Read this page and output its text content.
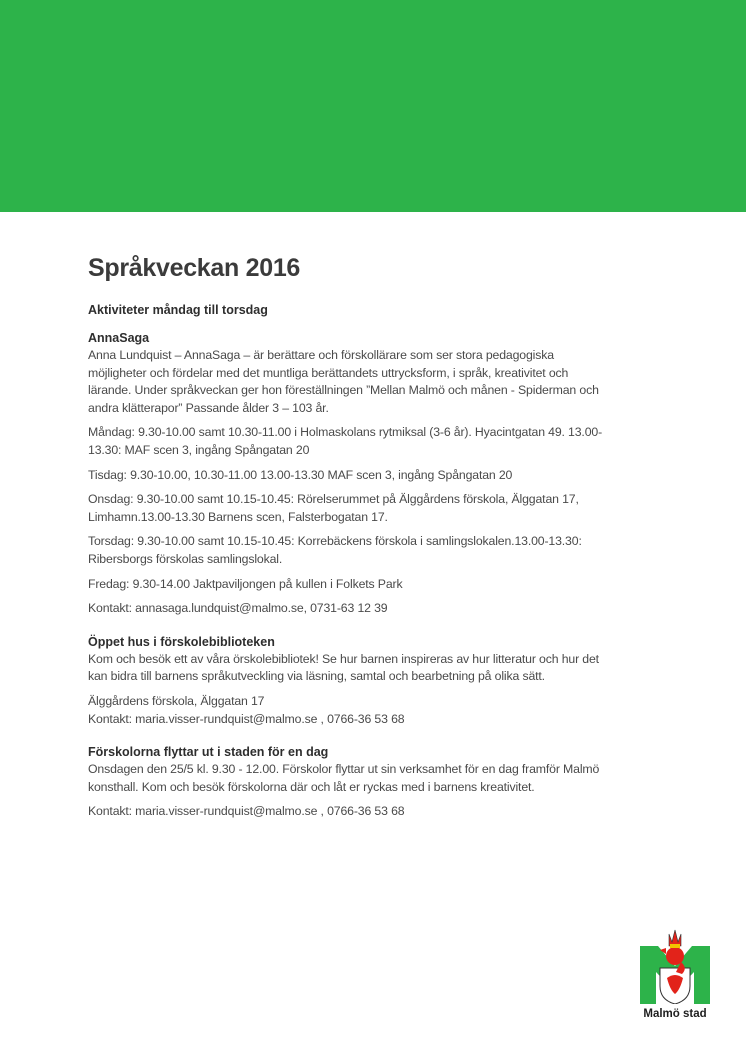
Språkveckan 2016
Aktiviteter måndag till torsdag
AnnaSaga

Anna Lundquist – AnnaSaga – är berättare och förskollärare som ser stora pedagogiska möjligheter och fördelar med det muntliga berättandets uttrycksform, i språk, kreativitet och lärande. Under språkveckan ger hon föreställningen ”Mellan Malmö och månen - Spiderman och andra klätterapor” Passande ålder 3 – 103 år.

Måndag: 9.30-10.00 samt 10.30-11.00 i Holmaskolans rytmiksal (3-6 år). Hyacintgatan 49. 13.00-13.30: MAF scen 3, ingång Spångatan 20

Tisdag: 9.30-10.00, 10.30-11.00 13.00-13.30 MAF scen 3, ingång Spångatan 20

Onsdag: 9.30-10.00 samt 10.15-10.45: Rörelserummet på Älggårdens förskola, Älggatan 17, Limhamn.13.00-13.30 Barnens scen, Falsterbogatan 17.

Torsdag: 9.30-10.00 samt 10.15-10.45: Korrebäckens förskola i samlingslokalen.13.00-13.30: Ribersborgs förskolas samlingslokal.

Fredag: 9.30-14.00 Jaktpaviljongen på kullen i Folkets Park

Kontakt: annasaga.lundquist@malmo.se, 0731-63 12 39

Öppet hus i förskolebiblioteken

Kom och besök ett av våra örskolebibliotek! Se hur barnen inspireras av hur litteratur och hur det kan bidra till barnens språkutveckling via läsning, samtal och bearbetning på olika sätt.

Älggårdens förskola, Älggatan 17
Kontakt: maria.visser-rundquist@malmo.se , 0766-36 53 68

Förskolorna flyttar ut i staden för en dag

Onsdagen den 25/5 kl. 9.30 - 12.00. Förskolor flyttar ut sin verksamhet för en dag framför Malmö konsthall. Kom och besök förskolorna där och låt er ryckas med i barnens kreativitet.

Kontakt: maria.visser-rundquist@malmo.se , 0766-36 53 68

Malmö stad
